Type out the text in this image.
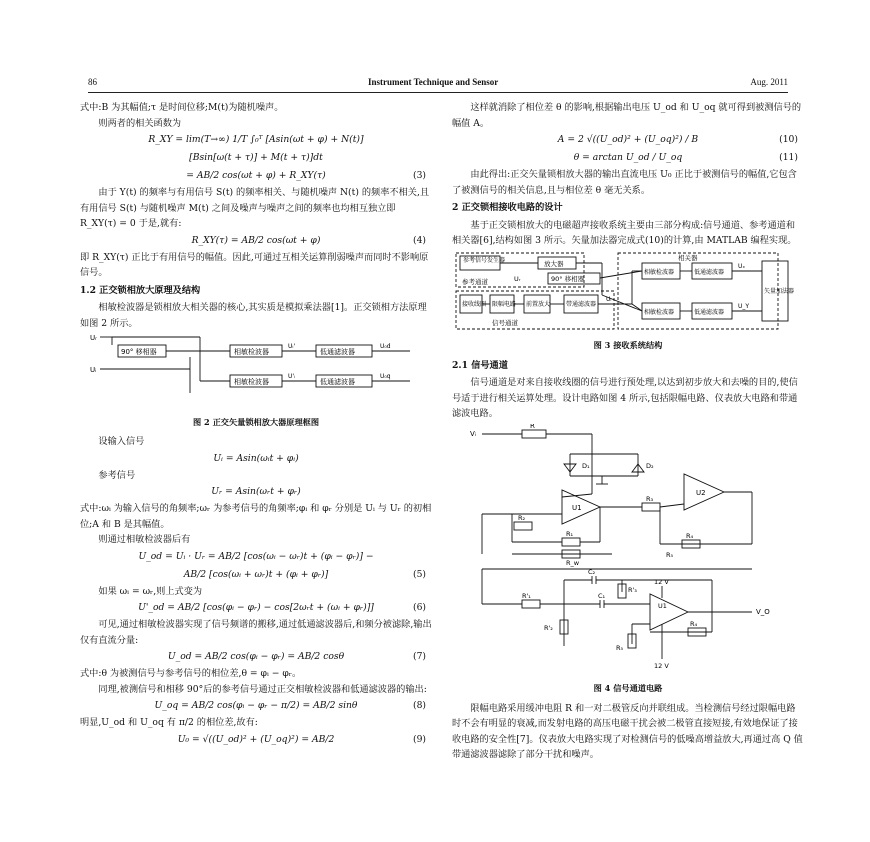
86	Instrument Technique and Sensor	Aug. 2011

式中:B 为其幅值;τ 是时间位移;M(t)为随机噪声。

则两者的相关函数为

R_XY = lim(T→∞) 1/T ∫₀ᵀ [Asin(ωt + φ) + N(t)]
[Bsin[ω(t + τ)] + M(t + τ)]dt
= AB/2 cos(ωt + φ) + R_XY(τ)	(3)

由于 Y(t) 的频率与有用信号 S(t) 的频率相关、与随机噪声 N(t) 的频率不相关,且有用信号 S(t) 与随机噪声 M(t) 之间及噪声与噪声之间的频率也均相互独立即 R_XY(τ) = 0 于是,就有:

R_XY(τ) = AB/2 cos(ωt + φ)	(4)

即 R_XY(τ) 正比于有用信号的幅值。因此,可通过互相关运算削弱噪声而同时不影响原信号。

1.2 正交锁相放大原理及结构

相敏检波器是锁相放大相关器的核心,其实质是模拟乘法器[1]。正交锁相方法原理如图 2 所示。

Uᵣ
Uᵢ
90° 移相器	相敏检波器
相敏检波器
低通滤波器
低通滤波器
Uᵢ'
U'ᵢ
U₀d
U₀q
图 2 正交矢量锁相放大器原理框图

设输入信号

Uᵢ = Asin(ωᵢt + φᵢ)

参考信号

Uᵣ = Asin(ωᵣt + φᵣ)

式中:ωᵢ 为输入信号的角频率;ωᵣ 为参考信号的角频率;φᵢ 和 φᵣ 分别是 Uᵢ 与 Uᵣ 的初相位;A 和 B 是其幅值。

则通过相敏检波器后有

U_od = Uᵢ · Uᵣ = AB/2 [cos(ωᵢ − ωᵣ)t + (φᵢ − φᵣ)] −
AB/2 [cos(ωᵢ + ωᵣ)t + (φᵢ + φᵣ)]	(5)

如果 ωᵢ = ωᵣ,则上式变为

U'_od = AB/2 [cos(φᵢ − φᵣ) − cos[2ωᵣt + (ωᵢ + φᵣ)]]	(6)

可见,通过相敏检波器实现了信号频谱的搬移,通过低通滤波器后,和频分被滤除,输出仅有直流分量:

U_od = AB/2 cos(φᵢ − φᵣ) = AB/2 cosθ	(7)

式中:θ 为被测信号与参考信号的相位差,θ = φᵢ − φᵣ。

同理,被测信号和相移 90°后的参考信号通过正交相敏检波器和低通滤波器的输出:

U_oq = AB/2 cos(φᵢ − φᵣ − π/2) = AB/2 sinθ	(8)

明显,U_od 和 U_oq 有 π/2 的相位差,故有:

U₀ = √((U_od)² + (U_oq)²) = AB/2	(9)

这样就消除了相位差 θ 的影响,根据输出电压 U_od 和 U_oq 就可得到被测信号的幅值 A。

A = 2 √((U_od)² + (U_oq)²) / B	(10)
θ = arctan U_od / U_oq	(11)

由此得出:正交矢量锁相放大器的输出直流电压 U₀ 正比于被测信号的幅值,它包含了被测信号的相关信息,且与相位差 θ 毫无关系。

2 正交锁相接收电路的设计

基于正交锁相放大的电磁超声接收系统主要由三部分构成:信号通道、参考通道和相关器[6],结构如图 3 所示。矢量加法器完成式(10)的计算,由 MATLAB 编程实现。

参考信号发生器	放大器
参考通道	Uᵣ	90° 移相器
相关器
相敏检波器
相敏检波器
低通滤波器
低通滤波器
接收线圈 限幅电路 前置放大	带通滤波器
信号通道
Uᵢ
Uₓ
U_Y
矢量加法器
图 3 接收系统结构
2.1 信号通道

信号通道是对来自接收线圈的信号进行预处理,以达到初步放大和去噪的目的,使信号适于进行相关运算处理。设计电路如图 4 所示,包括限幅电路、仪表放大电路和带通滤波电路。

Vᵢ
R
D₁	D₂
U1
U2
R₂
R₁
R₃
R_w
R₄
R₅
C₂
C₁
R'₁
R'₃
R'₂
12 V
12 V
U1
V_O
R₄
R₅
图 4 信号通道电路

限幅电路采用缓冲电阻 R 和一对二极管反向并联组成。当检测信号经过限幅电路时不会有明显的衰减,而发射电路的高压电磁干扰会被二极管直接短接,有效地保证了接收电路的安全性[7]。仪表放大电路实现了对检测信号的低噪高增益放大,再通过高 Q 值带通滤波器滤除了部分干扰和噪声。
